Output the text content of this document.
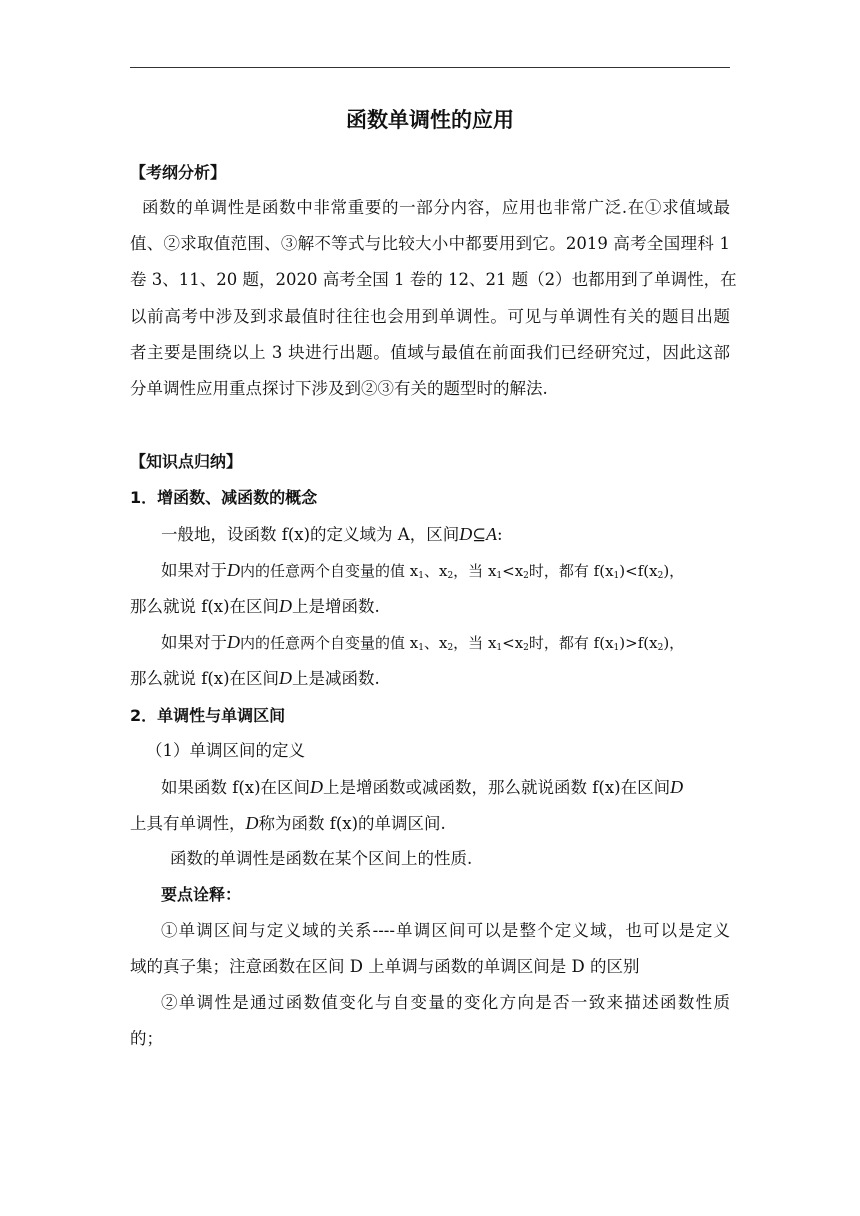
函数单调性的应用
【考纲分析】
函数的单调性是函数中非常重要的一部分内容，应用也非常广泛.在①求值域最
值、②求取值范围、③解不等式与比较大小中都要用到它。2019 高考全国理科 1
卷 3、11、20 题，2020 高考全国 1 卷的 12、21 题（2）也都用到了单调性，在
以前高考中涉及到求最值时往往也会用到单调性。可见与单调性有关的题目出题
者主要是围绕以上 3 块进行出题。值域与最值在前面我们已经研究过，因此这部
分单调性应用重点探讨下涉及到②③有关的题型时的解法.
【知识点归纳】
1．增函数、减函数的概念
一般地，设函数 f(x)的定义域为 A，区间D⊆A:
如果对于D内的任意两个自变量的值 $x_1$、$x_2$，当 $x_1<x_2$时，都有 $f(x_1)<f(x_2)$，
那么就说 f(x)在区间D上是增函数.
如果对于D内的任意两个自变量的值 $x_1$、$x_2$，当 $x_1<x_2$时，都有 $f(x_1)>f(x_2)$，
那么就说 f(x)在区间D上是减函数.
2．单调性与单调区间
（1）单调区间的定义
如果函数 f(x)在区间D上是增函数或减函数，那么就说函数 f(x)在区间D
上具有单调性，D称为函数 f(x)的单调区间.
函数的单调性是函数在某个区间上的性质.
要点诠释：
①单调区间与定义域的关系----单调区间可以是整个定义域，也可以是定义
域的真子集；注意函数在区间 D 上单调与函数的单调区间是 D 的区别
②单调性是通过函数值变化与自变量的变化方向是否一致来描述函数性质
的；
